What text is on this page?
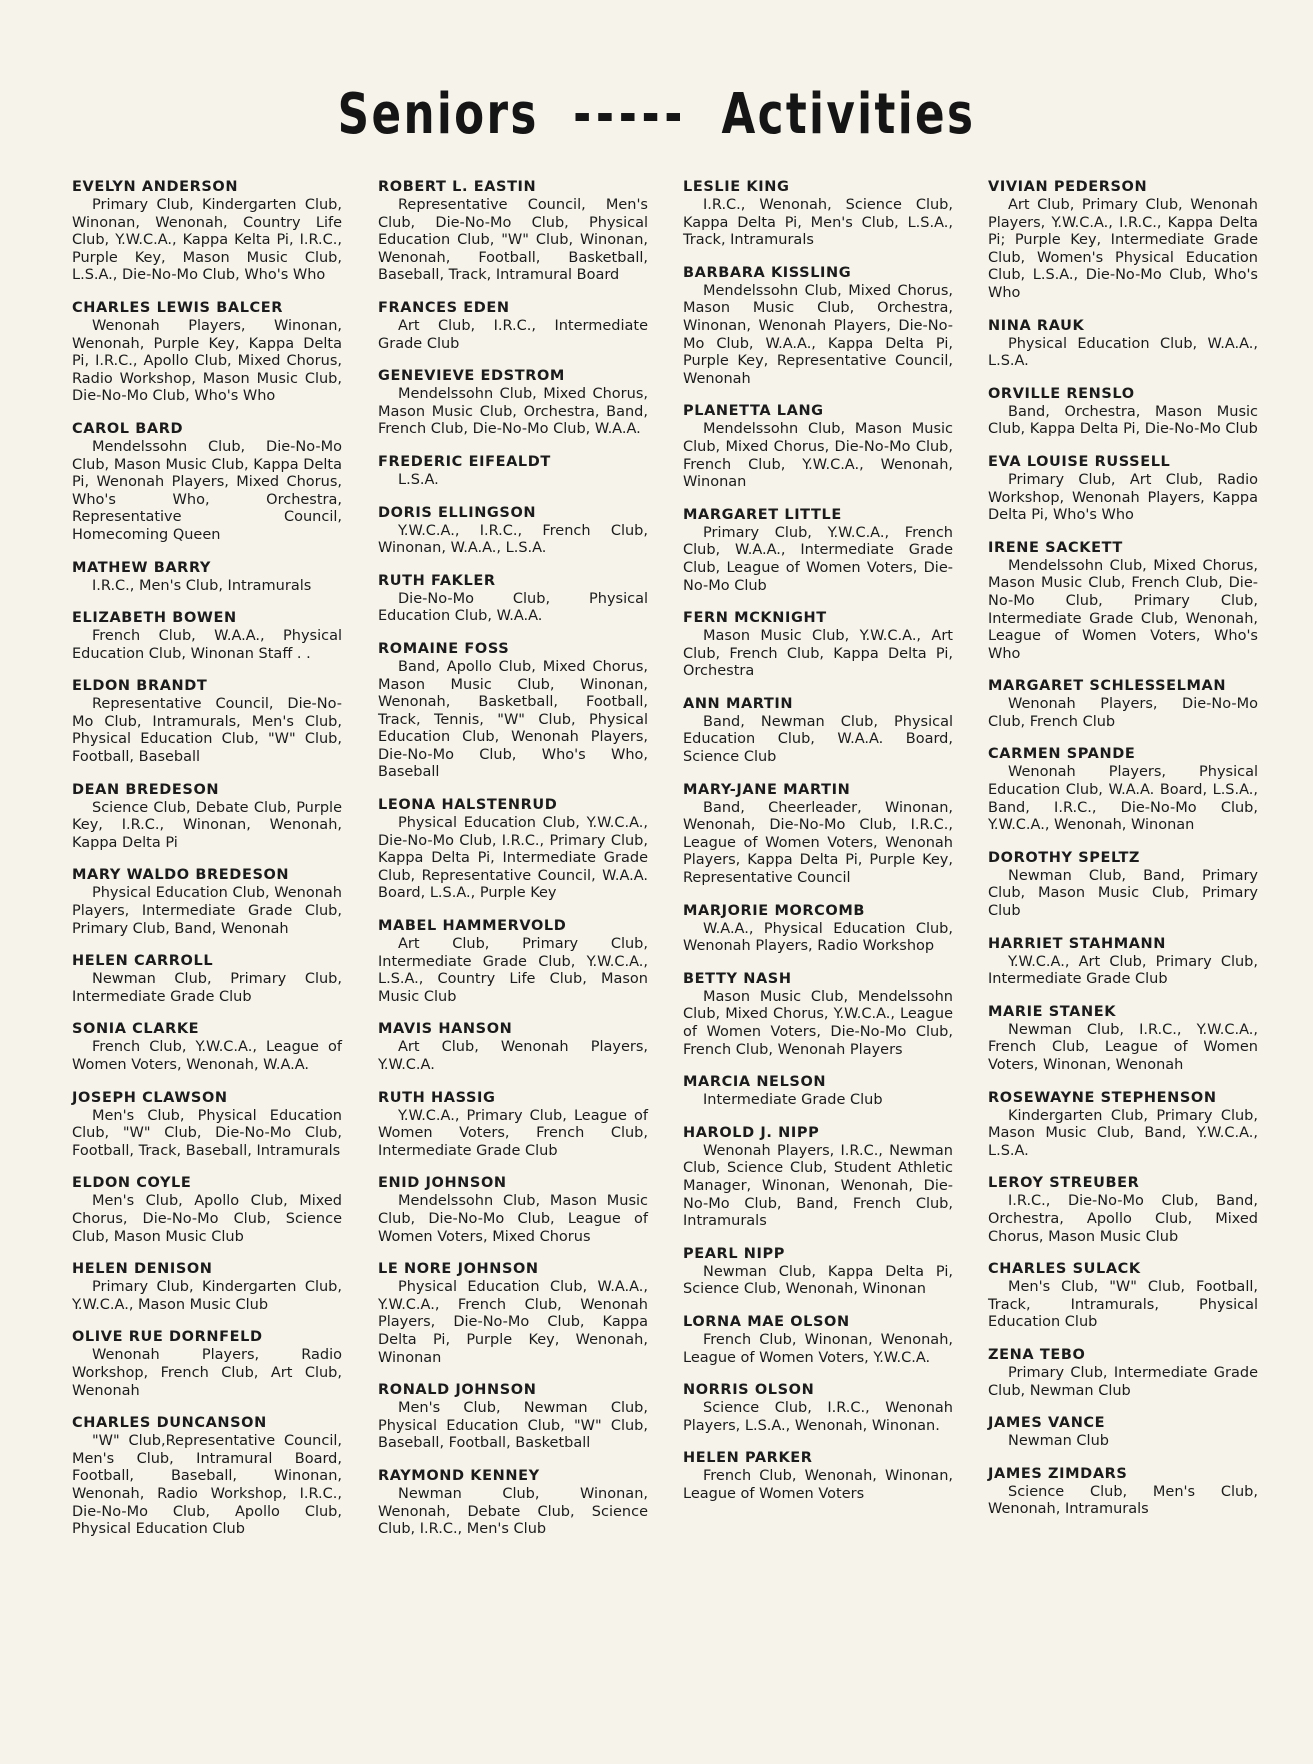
Seniors ----- Activities

EVELYN ANDERSON

Primary Club, Kindergarten Club, Winonan, Wenonah, Country Life Club, Y.W.C.A., Kappa Kelta Pi, I.R.C., Purple Key, Mason Music Club, L.S.A., Die-No-Mo Club, Who's Who

CHARLES LEWIS BALCER

Wenonah Players, Winonan, Wenonah, Purple Key, Kappa Delta Pi, I.R.C., Apollo Club, Mixed Chorus, Radio Workshop, Mason Music Club, Die-No-Mo Club, Who's Who

CAROL BARD

Mendelssohn Club, Die-No-Mo Club, Mason Music Club, Kappa Delta Pi, Wenonah Players, Mixed Chorus, Who's Who, Orchestra, Representative Council, Homecoming Queen

MATHEW BARRY

I.R.C., Men's Club, Intramurals

ELIZABETH BOWEN

French Club, W.A.A., Physical Education Club, Winonan Staff . .

ELDON BRANDT

Representative Council, Die-No-Mo Club, Intramurals, Men's Club, Physical Education Club, "W" Club, Football, Baseball

DEAN BREDESON

Science Club, Debate Club, Purple Key, I.R.C., Winonan, Wenonah, Kappa Delta Pi

MARY WALDO BREDESON

Physical Education Club, Wenonah Players, Intermediate Grade Club, Primary Club, Band, Wenonah

HELEN CARROLL

Newman Club, Primary Club, Intermediate Grade Club

SONIA CLARKE

French Club, Y.W.C.A., League of Women Voters, Wenonah, W.A.A.

JOSEPH CLAWSON

Men's Club, Physical Education Club, "W" Club, Die-No-Mo Club, Football, Track, Baseball, Intramurals

ELDON COYLE

Men's Club, Apollo Club, Mixed Chorus, Die-No-Mo Club, Science Club, Mason Music Club

HELEN DENISON

Primary Club, Kindergarten Club, Y.W.C.A., Mason Music Club

OLIVE RUE DORNFELD

Wenonah Players, Radio Workshop, French Club, Art Club, Wenonah

CHARLES DUNCANSON

"W" Club,Representative Council, Men's Club, Intramural Board, Football, Baseball, Winonan, Wenonah, Radio Workshop, I.R.C., Die-No-Mo Club, Apollo Club, Physical Education Club

ROBERT L. EASTIN

Representative Council, Men's Club, Die-No-Mo Club, Physical Education Club, "W" Club, Winonan, Wenonah, Football, Basketball, Baseball, Track, Intramural Board

FRANCES EDEN

Art Club, I.R.C., Intermediate Grade Club

GENEVIEVE EDSTROM

Mendelssohn Club, Mixed Chorus, Mason Music Club, Orchestra, Band, French Club, Die-No-Mo Club, W.A.A.

FREDERIC EIFEALDT

L.S.A.

DORIS ELLINGSON

Y.W.C.A., I.R.C., French Club, Winonan, W.A.A., L.S.A.

RUTH FAKLER

Die-No-Mo Club, Physical Education Club, W.A.A.

ROMAINE FOSS

Band, Apollo Club, Mixed Chorus, Mason Music Club, Winonan, Wenonah, Basketball, Football, Track, Tennis, "W" Club, Physical Education Club, Wenonah Players, Die-No-Mo Club, Who's Who, Baseball

LEONA HALSTENRUD

Physical Education Club, Y.W.C.A., Die-No-Mo Club, I.R.C., Primary Club, Kappa Delta Pi, Intermediate Grade Club, Representative Council, W.A.A. Board, L.S.A., Purple Key

MABEL HAMMERVOLD

Art Club, Primary Club, Intermediate Grade Club, Y.W.C.A., L.S.A., Country Life Club, Mason Music Club

MAVIS HANSON

Art Club, Wenonah Players, Y.W.C.A.

RUTH HASSIG

Y.W.C.A., Primary Club, League of Women Voters, French Club, Intermediate Grade Club

ENID JOHNSON

Mendelssohn Club, Mason Music Club, Die-No-Mo Club, League of Women Voters, Mixed Chorus

LE NORE JOHNSON

Physical Education Club, W.A.A., Y.W.C.A., French Club, Wenonah Players, Die-No-Mo Club, Kappa Delta Pi, Purple Key, Wenonah, Winonan

RONALD JOHNSON

Men's Club, Newman Club, Physical Education Club, "W" Club, Baseball, Football, Basketball

RAYMOND KENNEY

Newman Club, Winonan, Wenonah, Debate Club, Science Club, I.R.C., Men's Club

LESLIE KING

I.R.C., Wenonah, Science Club, Kappa Delta Pi, Men's Club, L.S.A., Track, Intramurals

BARBARA KISSLING

Mendelssohn Club, Mixed Chorus, Mason Music Club, Orchestra, Winonan, Wenonah Players, Die-No-Mo Club, W.A.A., Kappa Delta Pi, Purple Key, Representative Council, Wenonah

PLANETTA LANG

Mendelssohn Club, Mason Music Club, Mixed Chorus, Die-No-Mo Club, French Club, Y.W.C.A., Wenonah, Winonan

MARGARET LITTLE

Primary Club, Y.W.C.A., French Club, W.A.A., Intermediate Grade Club, League of Women Voters, Die-No-Mo Club

FERN MCKNIGHT

Mason Music Club, Y.W.C.A., Art Club, French Club, Kappa Delta Pi, Orchestra

ANN MARTIN

Band, Newman Club, Physical Education Club, W.A.A. Board, Science Club

MARY-JANE MARTIN

Band, Cheerleader, Winonan, Wenonah, Die-No-Mo Club, I.R.C., League of Women Voters, Wenonah Players, Kappa Delta Pi, Purple Key, Representative Council

MARJORIE MORCOMB

W.A.A., Physical Education Club, Wenonah Players, Radio Workshop

BETTY NASH

Mason Music Club, Mendelssohn Club, Mixed Chorus, Y.W.C.A., League of Women Voters, Die-No-Mo Club, French Club, Wenonah Players

MARCIA NELSON

Intermediate Grade Club

HAROLD J. NIPP

Wenonah Players, I.R.C., Newman Club, Science Club, Student Athletic Manager, Winonan, Wenonah, Die-No-Mo Club, Band, French Club, Intramurals

PEARL NIPP

Newman Club, Kappa Delta Pi, Science Club, Wenonah, Winonan

LORNA MAE OLSON

French Club, Winonan, Wenonah, League of Women Voters, Y.W.C.A.

NORRIS OLSON

Science Club, I.R.C., Wenonah Players, L.S.A., Wenonah, Winonan.

HELEN PARKER

French Club, Wenonah, Winonan, League of Women Voters

VIVIAN PEDERSON

Art Club, Primary Club, Wenonah Players, Y.W.C.A., I.R.C., Kappa Delta Pi; Purple Key, Intermediate Grade Club, Women's Physical Education Club, L.S.A., Die-No-Mo Club, Who's Who

NINA RAUK

Physical Education Club, W.A.A., L.S.A.

ORVILLE RENSLO

Band, Orchestra, Mason Music Club, Kappa Delta Pi, Die-No-Mo Club

EVA LOUISE RUSSELL

Primary Club, Art Club, Radio Workshop, Wenonah Players, Kappa Delta Pi, Who's Who

IRENE SACKETT

Mendelssohn Club, Mixed Chorus, Mason Music Club, French Club, Die-No-Mo Club, Primary Club, Intermediate Grade Club, Wenonah, League of Women Voters, Who's Who

MARGARET SCHLESSELMAN

Wenonah Players, Die-No-Mo Club, French Club

CARMEN SPANDE

Wenonah Players, Physical Education Club, W.A.A. Board, L.S.A., Band, I.R.C., Die-No-Mo Club, Y.W.C.A., Wenonah, Winonan

DOROTHY SPELTZ

Newman Club, Band, Primary Club, Mason Music Club, Primary Club

HARRIET STAHMANN

Y.W.C.A., Art Club, Primary Club, Intermediate Grade Club

MARIE STANEK

Newman Club, I.R.C., Y.W.C.A., French Club, League of Women Voters, Winonan, Wenonah

ROSEWAYNE STEPHENSON

Kindergarten Club, Primary Club, Mason Music Club, Band, Y.W.C.A., L.S.A.

LEROY STREUBER

I.R.C., Die-No-Mo Club, Band, Orchestra, Apollo Club, Mixed Chorus, Mason Music Club

CHARLES SULACK

Men's Club, "W" Club, Football, Track, Intramurals, Physical Education Club

ZENA TEBO

Primary Club, Intermediate Grade Club, Newman Club

JAMES VANCE

Newman Club

JAMES ZIMDARS

Science Club, Men's Club, Wenonah, Intramurals
